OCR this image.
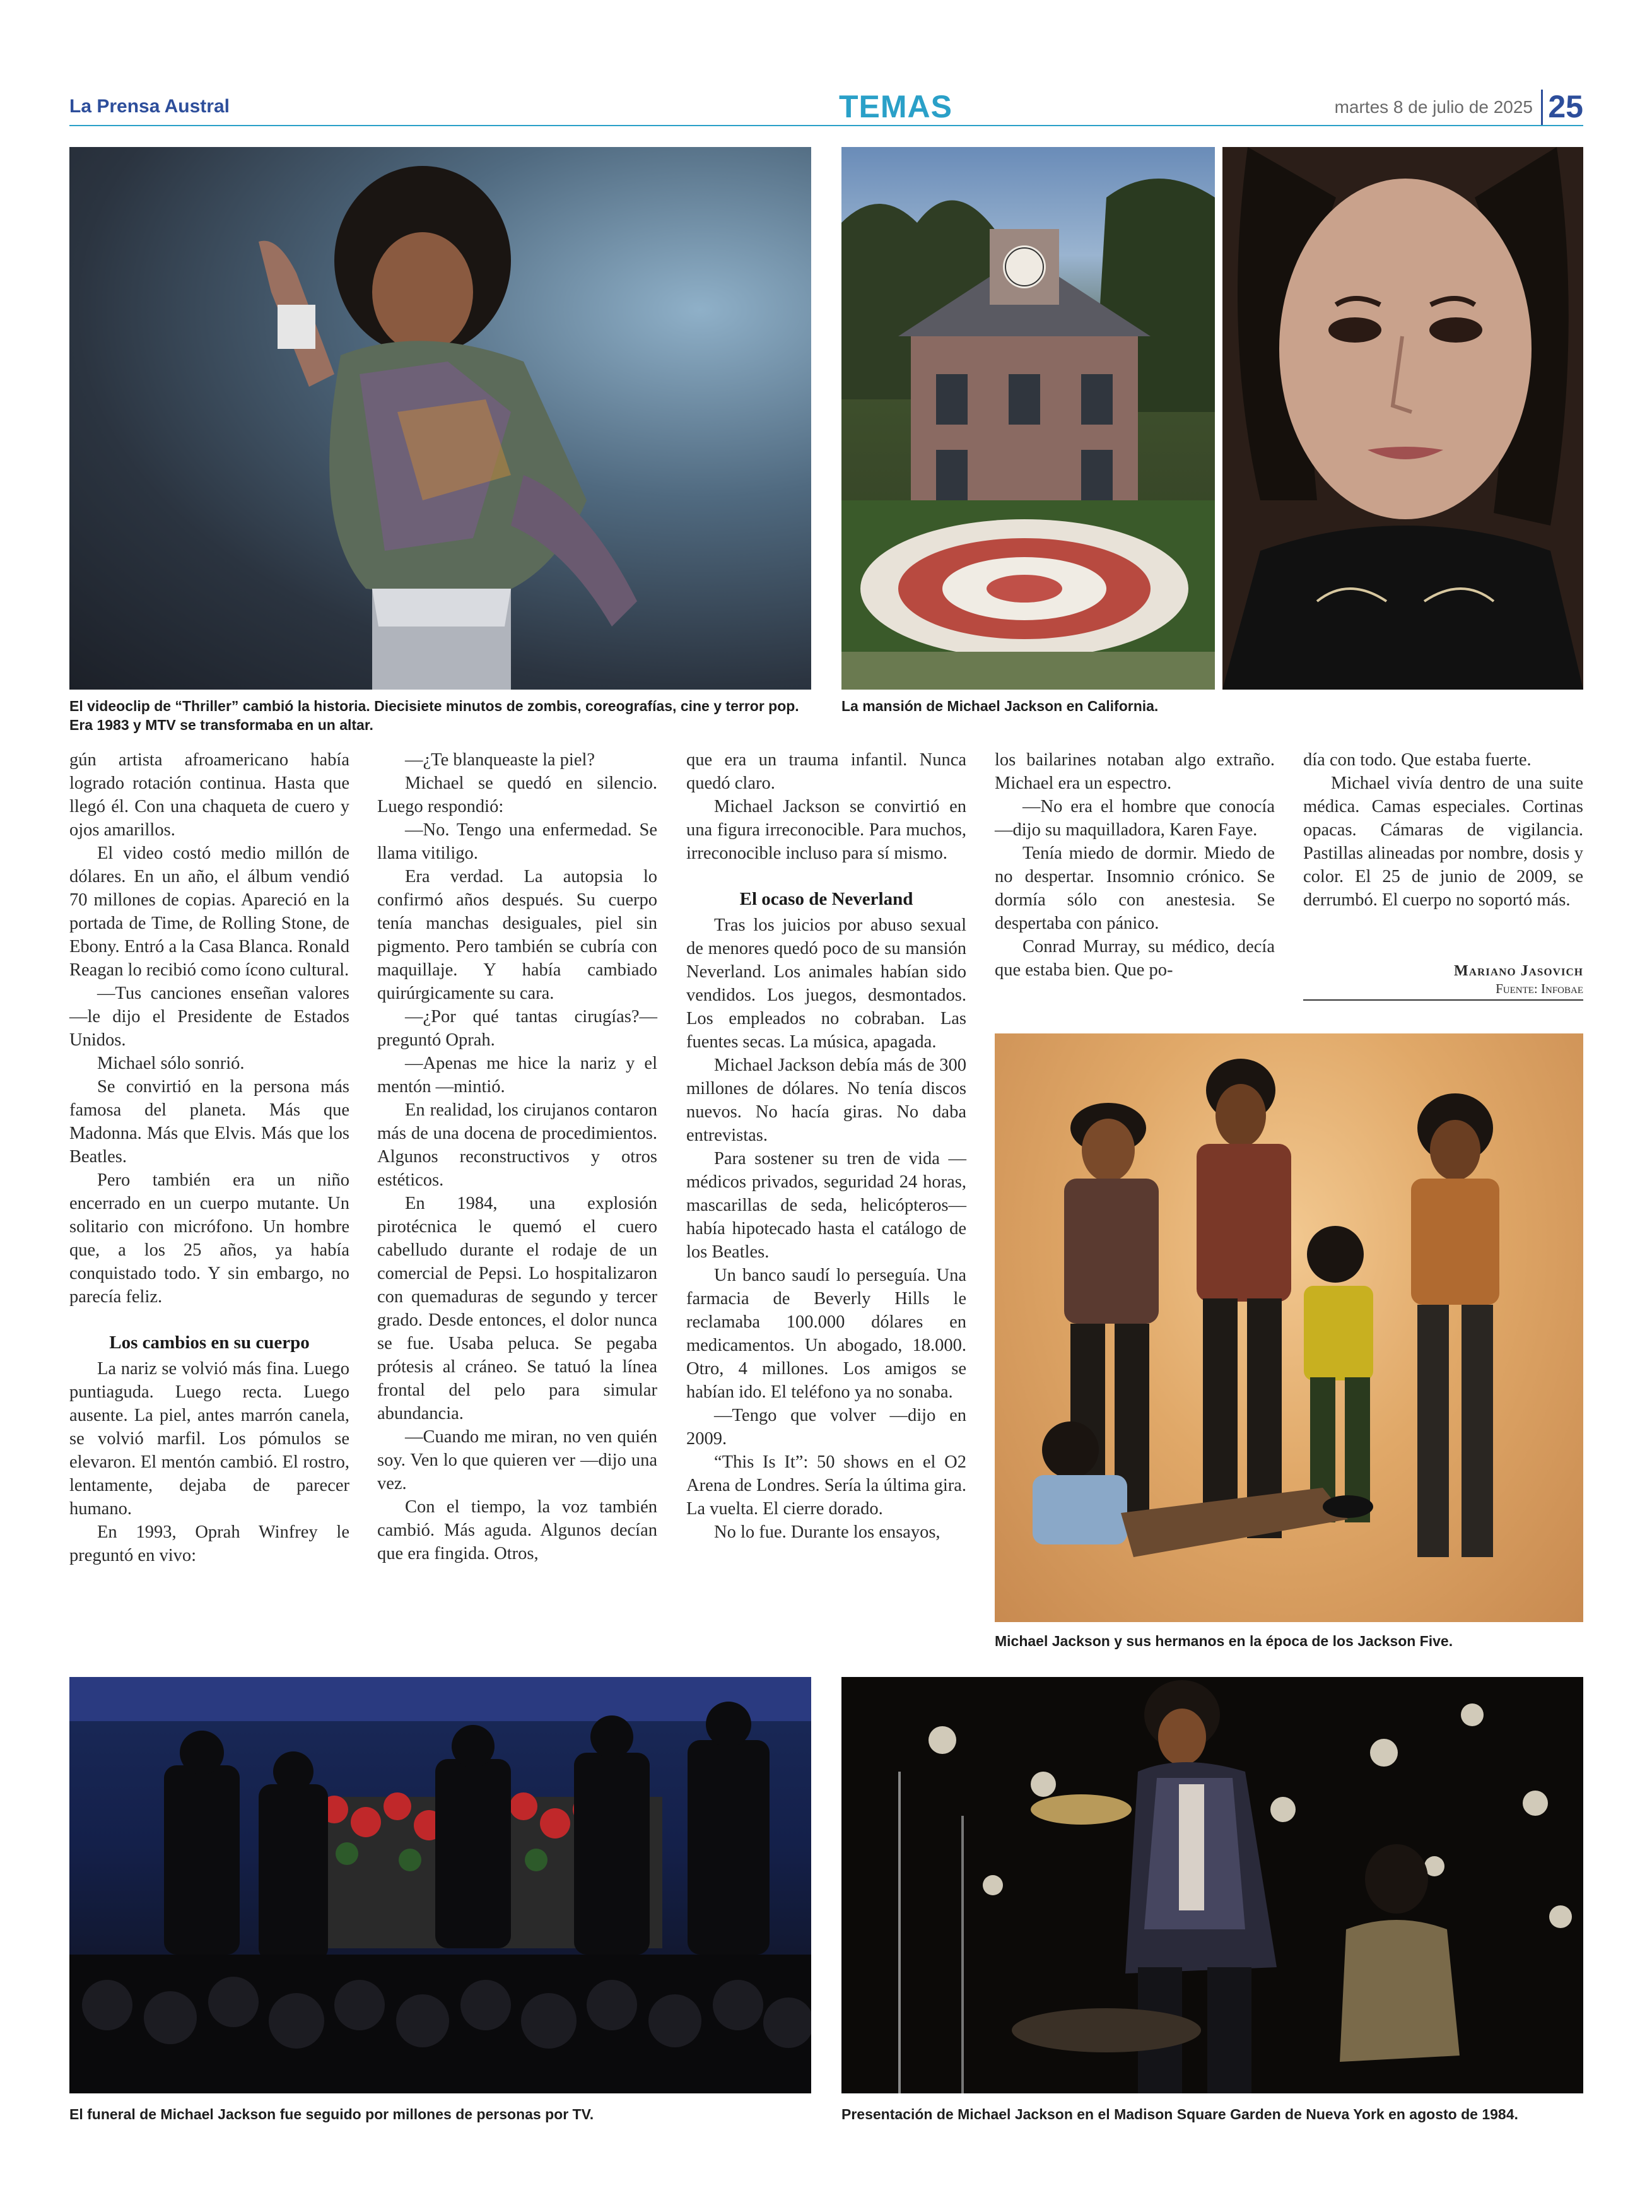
La Prensa Austral	TEMAS	martes 8 de julio de 2025 25
El videoclip de “Thriller” cambió la historia. Diecisiete minutos de zombis, coreografías, cine y terror pop. Era 1983 y MTV se transformaba en un altar.
La mansión de Michael Jackson en California.

gún artista afroamericano había logrado rotación continua. Hasta que llegó él. Con una chaqueta de cuero y ojos amarillos.

El video costó medio millón de dólares. En un año, el álbum vendió 70 millones de copias. Apareció en la portada de Time, de Rolling Stone, de Ebony. Entró a la Casa Blanca. Ronald Reagan lo recibió como ícono cultural.

—Tus canciones enseñan valores —le dijo el Presidente de Estados Unidos.

Michael sólo sonrió.

Se convirtió en la persona más famosa del planeta. Más que Madonna. Más que Elvis. Más que los Beatles.

Pero también era un niño encerrado en un cuerpo mutante. Un solitario con micrófono. Un hombre que, a los 25 años, ya había conquistado todo. Y sin embargo, no parecía feliz.

Los cambios en su cuerpo

La nariz se volvió más fina. Luego puntiaguda. Luego recta. Luego ausente. La piel, antes marrón canela, se volvió marfil. Los pómulos se elevaron. El mentón cambió. El rostro, lentamente, dejaba de parecer humano.

En 1993, Oprah Winfrey le preguntó en vivo:

—¿Te blanqueaste la piel?

Michael se quedó en silencio. Luego respondió:

—No. Tengo una enfermedad. Se llama vitiligo.

Era verdad. La autopsia lo confirmó años después. Su cuerpo tenía manchas desiguales, piel sin pigmento. Pero también se cubría con maquillaje. Y había cambiado quirúrgicamente su cara.

—¿Por qué tantas cirugías?—preguntó Oprah.

—Apenas me hice la nariz y el mentón —mintió.

En realidad, los cirujanos contaron más de una docena de procedimientos. Algunos reconstructivos y otros estéticos.

En 1984, una explosión pirotécnica le quemó el cuero cabelludo durante el rodaje de un comercial de Pepsi. Lo hospitalizaron con quemaduras de segundo y tercer grado. Desde entonces, el dolor nunca se fue. Usaba peluca. Se pegaba prótesis al cráneo. Se tatuó la línea frontal del pelo para simular abundancia.

—Cuando me miran, no ven quién soy. Ven lo que quieren ver —dijo una vez.

Con el tiempo, la voz también cambió. Más aguda. Algunos decían que era fingida. Otros,

que era un trauma infantil. Nunca quedó claro.

Michael Jackson se convirtió en una figura irreconocible. Para muchos, irreconocible incluso para sí mismo.

El ocaso de Neverland

Tras los juicios por abuso sexual de menores quedó poco de su mansión Neverland. Los animales habían sido vendidos. Los juegos, desmontados. Los empleados no cobraban. Las fuentes secas. La música, apagada.

Michael Jackson debía más de 300 millones de dólares. No tenía discos nuevos. No hacía giras. No daba entrevistas.

Para sostener su tren de vida —médicos privados, seguridad 24 horas, mascarillas de seda, helicópteros— había hipotecado hasta el catálogo de los Beatles.

Un banco saudí lo perseguía. Una farmacia de Beverly Hills le reclamaba 100.000 dólares en medicamentos. Un abogado, 18.000. Otro, 4 millones. Los amigos se habían ido. El teléfono ya no sonaba.

—Tengo que volver —dijo en 2009.

“This Is It”: 50 shows en el O2 Arena de Londres. Sería la última gira. La vuelta. El cierre dorado.

No lo fue. Durante los ensayos,

los bailarines notaban algo extraño. Michael era un espectro.

—No era el hombre que conocía —dijo su maquilladora, Karen Faye.

Tenía miedo de dormir. Miedo de no despertar. Insomnio crónico. Se dormía sólo con anestesia. Se despertaba con pánico.

Conrad Murray, su médico, decía que estaba bien. Que po-

día con todo. Que estaba fuerte.

Michael vivía dentro de una suite médica. Camas especiales. Cortinas opacas. Cámaras de vigilancia. Pastillas alineadas por nombre, dosis y color. El 25 de junio de 2009, se derrumbó. El cuerpo no soportó más.

Mariano Jasovich
Fuente: Infobae
Michael Jackson y sus hermanos en la época de los Jackson Five.
El funeral de Michael Jackson fue seguido por millones de personas por TV.	Presentación de Michael Jackson en el Madison Square Garden de Nueva York en agosto de 1984.
